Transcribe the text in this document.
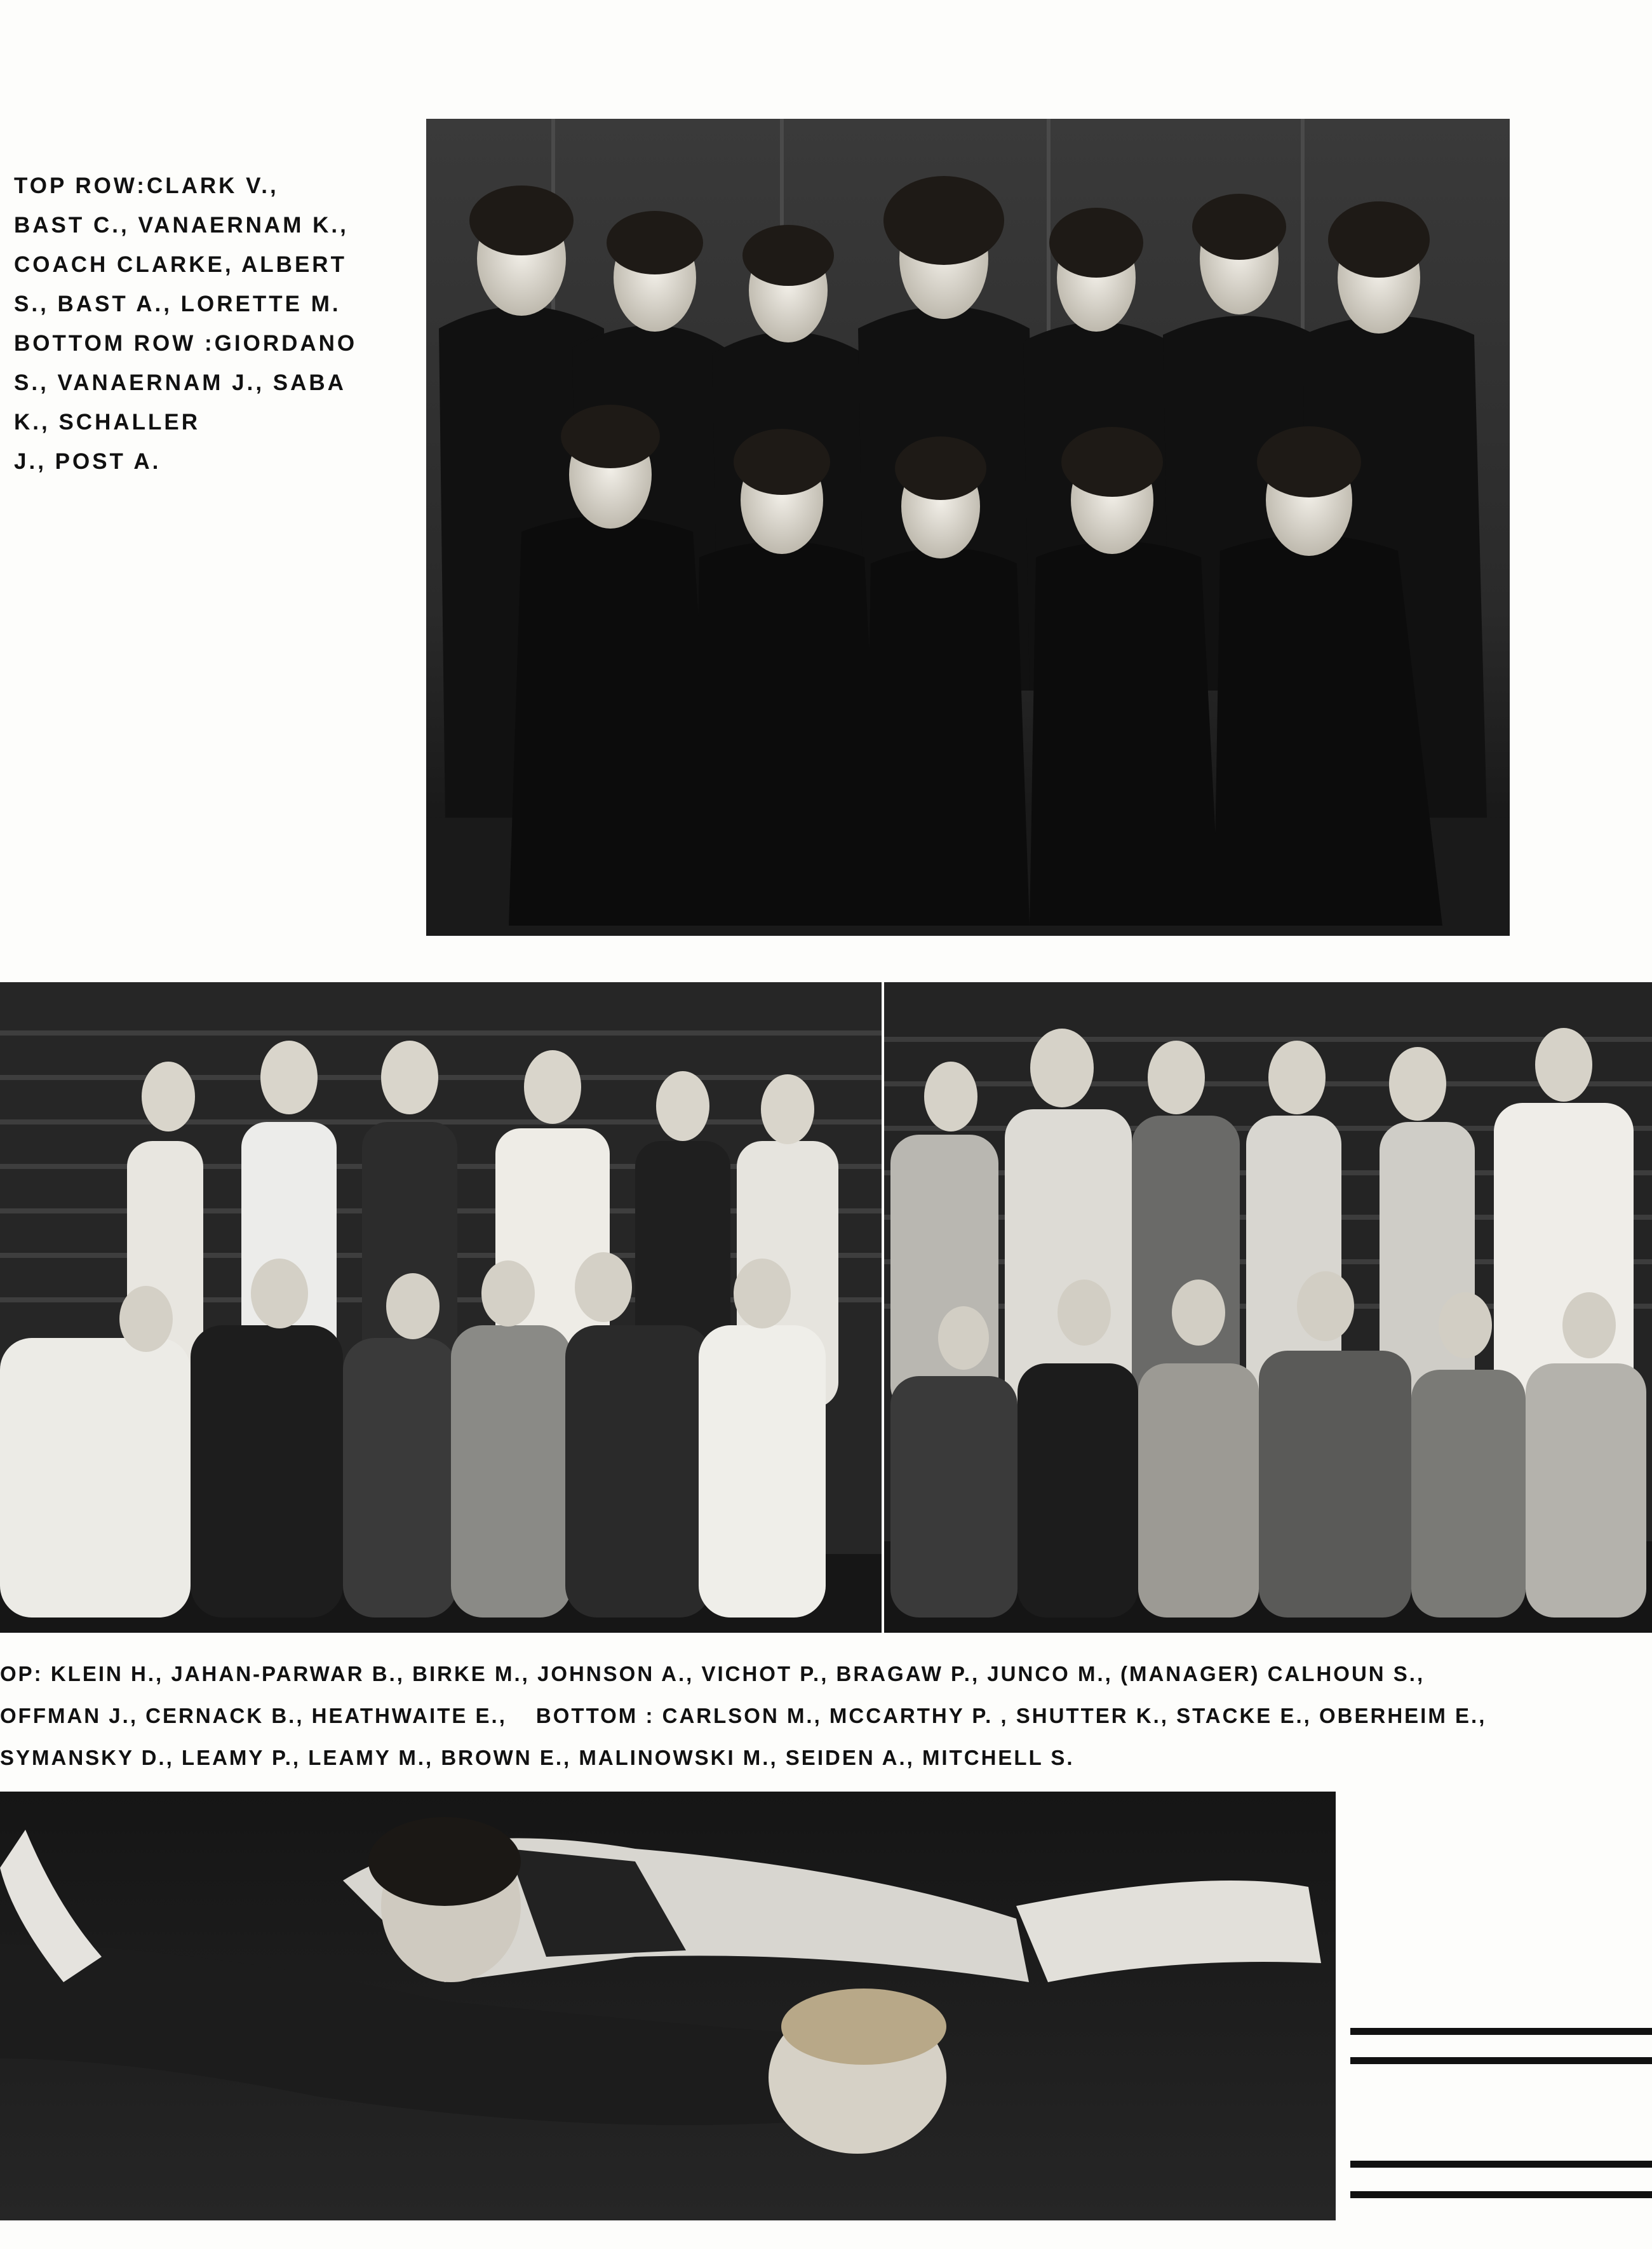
TOP ROW:CLARK V.,
BAST C., VANAERNAM K.,
COACH CLARKE, ALBERT
S., BAST A., LORETTE M.
BOTTOM ROW :GIORDANO
S., VANAERNAM J., SABA
K., SCHALLER
J., POST A.
OP: KLEIN H., JAHAN-PARWAR B., BIRKE M., JOHNSON A., VICHOT P., BRAGAW P., JUNCO M., (MANAGER) CALHOUN S.,
OFFMAN J., CERNACK B., HEATHWAITE E., BOTTOM : CARLSON M., MCCARTHY P. , SHUTTER K., STACKE E., OBERHEIM E.,
SYMANSKY D., LEAMY P., LEAMY M., BROWN E., MALINOWSKI M., SEIDEN A., MITCHELL S.
